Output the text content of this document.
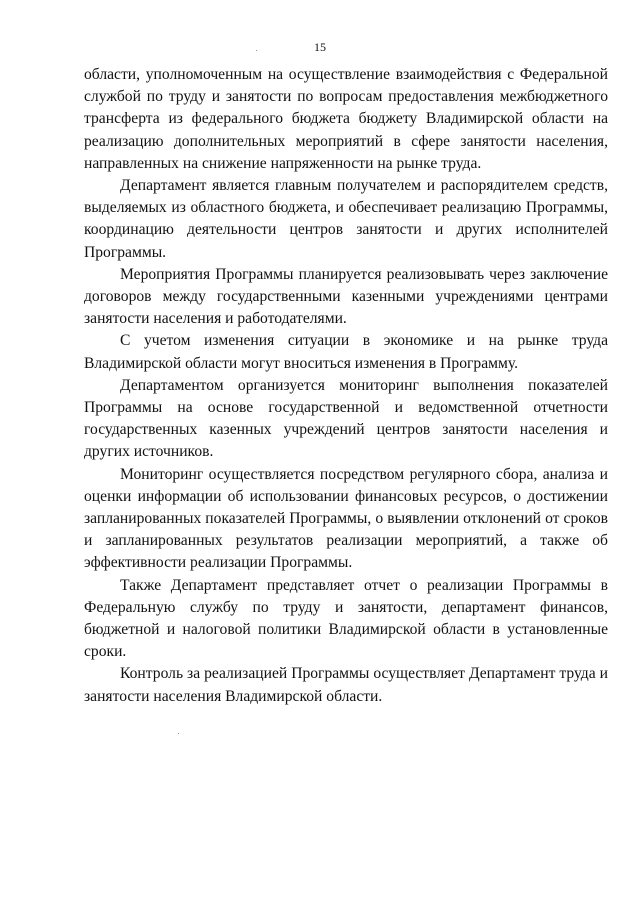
15

области, уполномоченным на осуществление взаимодействия с Федеральной службой по труду и занятости по вопросам предоставления межбюджетного трансферта из федерального бюджета бюджету Владимирской области на реализацию дополнительных мероприятий в сфере занятости населения, направленных на снижение напряженности на рынке труда.

Департамент является главным получателем и распорядителем средств, выделяемых из областного бюджета, и обеспечивает реализацию Программы, координацию деятельности центров занятости и других исполнителей Программы.

Мероприятия Программы планируется реализовывать через заключение договоров между государственными казенными учреждениями центрами занятости населения и работодателями.

С учетом изменения ситуации в экономике и на рынке труда Владимирской области могут вноситься изменения в Программу.

Департаментом организуется мониторинг выполнения показателей Программы на основе государственной и ведомственной отчетности государственных казенных учреждений центров занятости населения и других источников.

Мониторинг осуществляется посредством регулярного сбора, анализа и оценки информации об использовании финансовых ресурсов, о достижении запланированных показателей Программы, о выявлении отклонений от сроков и запланированных результатов реализации мероприятий, а также об эффективности реализации Программы.

Также Департамент представляет отчет о реализации Программы в Федеральную службу по труду и занятости, департамент финансов, бюджетной и налоговой политики Владимирской области в установленные сроки.

Контроль за реализацией Программы осуществляет Департамент труда и занятости населения Владимирской области.
